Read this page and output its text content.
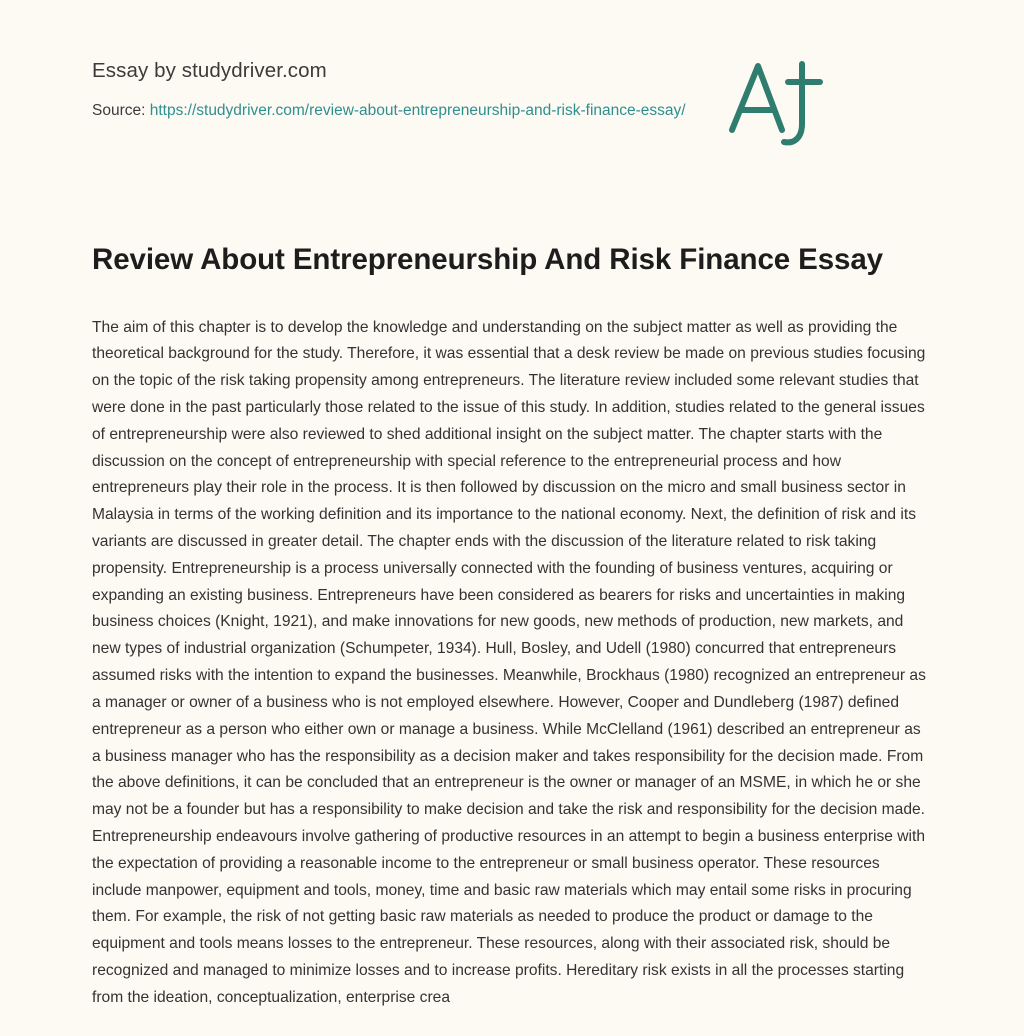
Essay by studydriver.com
Source: https://studydriver.com/review-about-entrepreneurship-and-risk-finance-essay/
Review About Entrepreneurship And Risk Finance Essay
The aim of this chapter is to develop the knowledge and understanding on the subject matter as well as providing the theoretical background for the study. Therefore, it was essential that a desk review be made on previous studies focusing on the topic of the risk taking propensity among entrepreneurs. The literature review included some relevant studies that were done in the past particularly those related to the issue of this study. In addition, studies related to the general issues of entrepreneurship were also reviewed to shed additional insight on the subject matter. The chapter starts with the discussion on the concept of entrepreneurship with special reference to the entrepreneurial process and how entrepreneurs play their role in the process. It is then followed by discussion on the micro and small business sector in Malaysia in terms of the working definition and its importance to the national economy. Next, the definition of risk and its variants are discussed in greater detail. The chapter ends with the discussion of the literature related to risk taking propensity. Entrepreneurship is a process universally connected with the founding of business ventures, acquiring or expanding an existing business. Entrepreneurs have been considered as bearers for risks and uncertainties in making business choices (Knight, 1921), and make innovations for new goods, new methods of production, new markets, and new types of industrial organization (Schumpeter, 1934). Hull, Bosley, and Udell (1980) concurred that entrepreneurs assumed risks with the intention to expand the businesses. Meanwhile, Brockhaus (1980) recognized an entrepreneur as a manager or owner of a business who is not employed elsewhere. However, Cooper and Dundleberg (1987) defined entrepreneur as a person who either own or manage a business. While McClelland (1961) described an entrepreneur as a business manager who has the responsibility as a decision maker and takes responsibility for the decision made. From the above definitions, it can be concluded that an entrepreneur is the owner or manager of an MSME, in which he or she may not be a founder but has a responsibility to make decision and take the risk and responsibility for the decision made. Entrepreneurship endeavours involve gathering of productive resources in an attempt to begin a business enterprise with the expectation of providing a reasonable income to the entrepreneur or small business operator. These resources include manpower, equipment and tools, money, time and basic raw materials which may entail some risks in procuring them. For example, the risk of not getting basic raw materials as needed to produce the product or damage to the equipment and tools means losses to the entrepreneur. These resources, along with their associated risk, should be recognized and managed to minimize losses and to increase profits. Hereditary risk exists in all the processes starting from the ideation, conceptualization, enterprise crea
